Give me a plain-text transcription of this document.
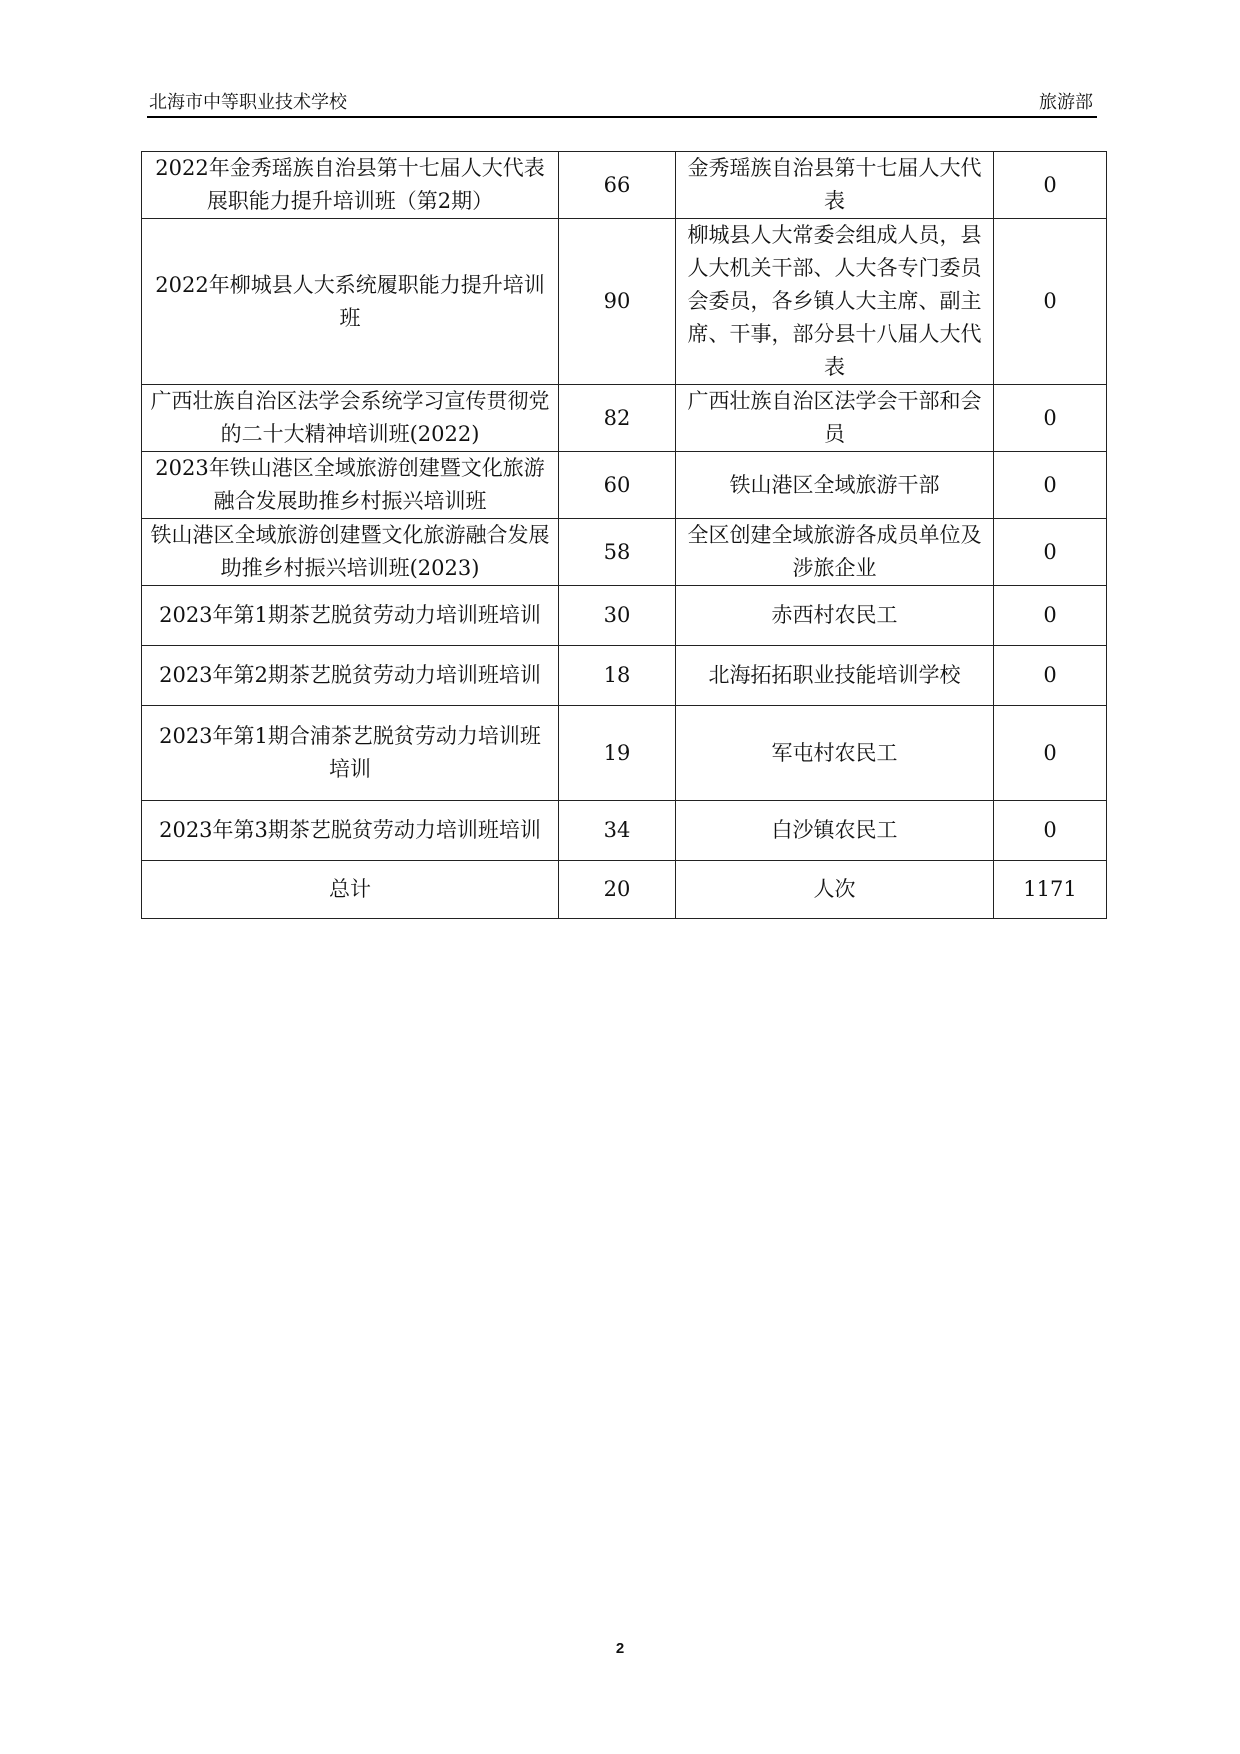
北海市中等职业技术学校	旅游部
2022年金秀瑶族自治县第十七届人大代表展职能力提升培训班（第2期）	66	金秀瑶族自治县第十七届人大代表	0
2022年柳城县人大系统履职能力提升培训班	90	柳城县人大常委会组成人员，县人大机关干部、人大各专门委员会委员，各乡镇人大主席、副主席、干事，部分县十八届人大代表	0
广西壮族自治区法学会系统学习宣传贯彻党的二十大精神培训班(2022)	82	广西壮族自治区法学会干部和会员	0
2023年铁山港区全域旅游创建暨文化旅游融合发展助推乡村振兴培训班	60	铁山港区全域旅游干部	0
铁山港区全域旅游创建暨文化旅游融合发展助推乡村振兴培训班(2023)	58	全区创建全域旅游各成员单位及涉旅企业	0
2023年第1期茶艺脱贫劳动力培训班培训	30	赤西村农民工	0
2023年第2期茶艺脱贫劳动力培训班培训	18	北海拓拓职业技能培训学校	0
2023年第1期合浦茶艺脱贫劳动力培训班培训	19	军屯村农民工	0
2023年第3期茶艺脱贫劳动力培训班培训	34	白沙镇农民工	0
总计	20	人次	1171
2
